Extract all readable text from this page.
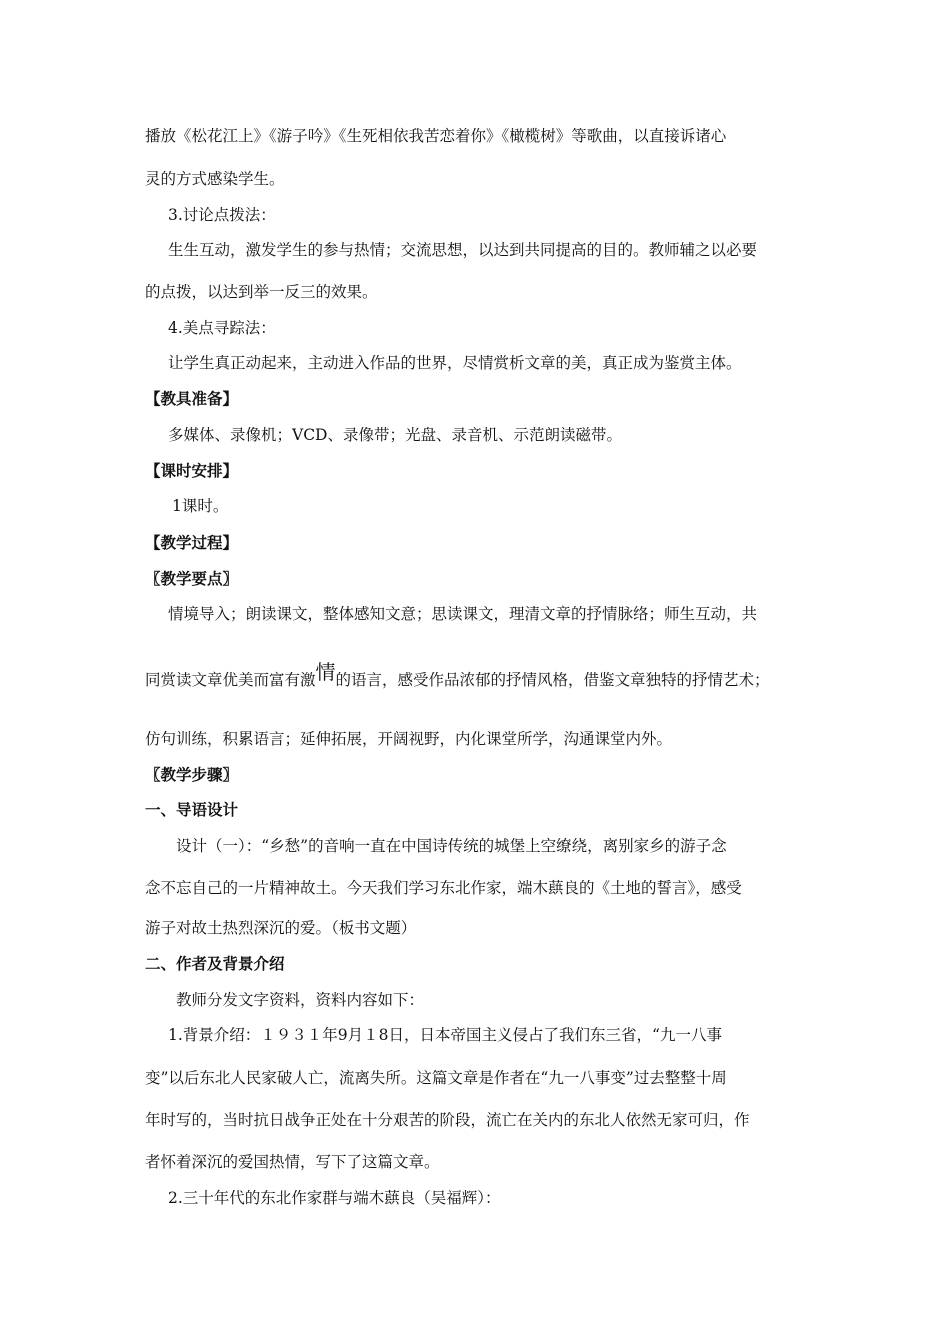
播放《松花江上》《游子吟》《生死相依我苦恋着你》《橄榄树》等歌曲，以直接诉诸心
灵的方式感染学生。
3.讨论点拨法：
生生互动，激发学生的参与热情；交流思想，以达到共同提高的目的。教师辅之以必要
的点拨，以达到举一反三的效果。
4.美点寻踪法：
让学生真正动起来，主动进入作品的世界，尽情赏析文章的美，真正成为鉴赏主体。
【教具准备】
多媒体、录像机；VCD、录像带；光盘、录音机、示范朗读磁带。
【课时安排】
1课时。
【教学过程】
〖教学要点〗
情境导入；朗读课文，整体感知文意；思读课文，理清文章的抒情脉络；师生互动，共
同赏读文章优美而富有激情的语言，感受作品浓郁的抒情风格，借鉴文章独特的抒情艺术；
仿句训练，积累语言；延伸拓展，开阔视野，内化课堂所学，沟通课堂内外。
〖教学步骤〗
一、导语设计
设计（一）：“乡愁”的音响一直在中国诗传统的城堡上空缭绕，离别家乡的游子念
念不忘自己的一片精神故土。今天我们学习东北作家，端木蕻良的《土地的誓言》，感受
游子对故土热烈深沉的爱。（板书文题）
二、作者及背景介绍
教师分发文字资料，资料内容如下：
1.背景介绍：１９３１年9月１8日，日本帝国主义侵占了我们东三省，“九一八事
变”以后东北人民家破人亡，流离失所。这篇文章是作者在“九一八事变”过去整整十周
年时写的，当时抗日战争正处在十分艰苦的阶段，流亡在关内的东北人依然无家可归，作
者怀着深沉的爱国热情，写下了这篇文章。
2.三十年代的东北作家群与端木蕻良（吴福辉）：
